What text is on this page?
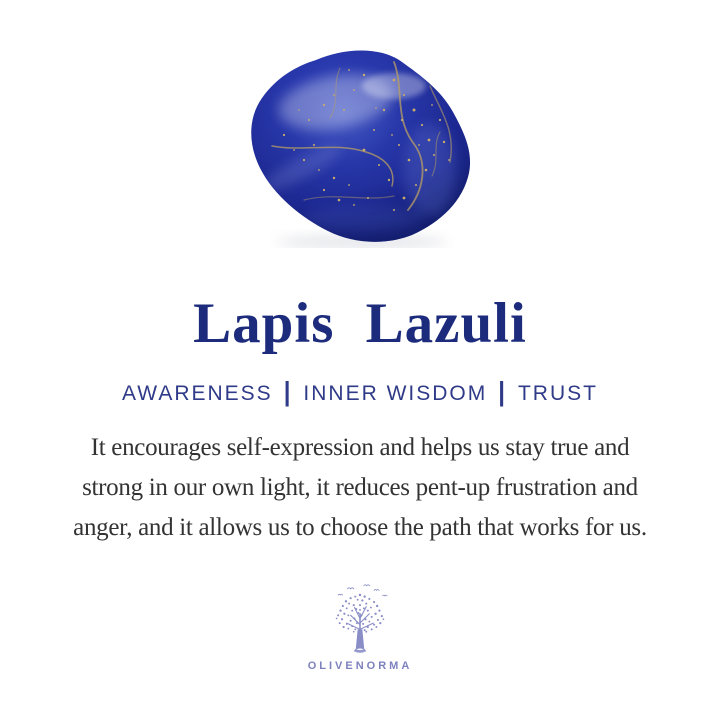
Lapis Lazuli
AWARENESS | INNER WISDOM | TRUST

It encourages self-expression and helps us stay true and
strong in our own light, it reduces pent-up frustration and
anger, and it allows us to choose the path that works for us.

OLIVENORMA
